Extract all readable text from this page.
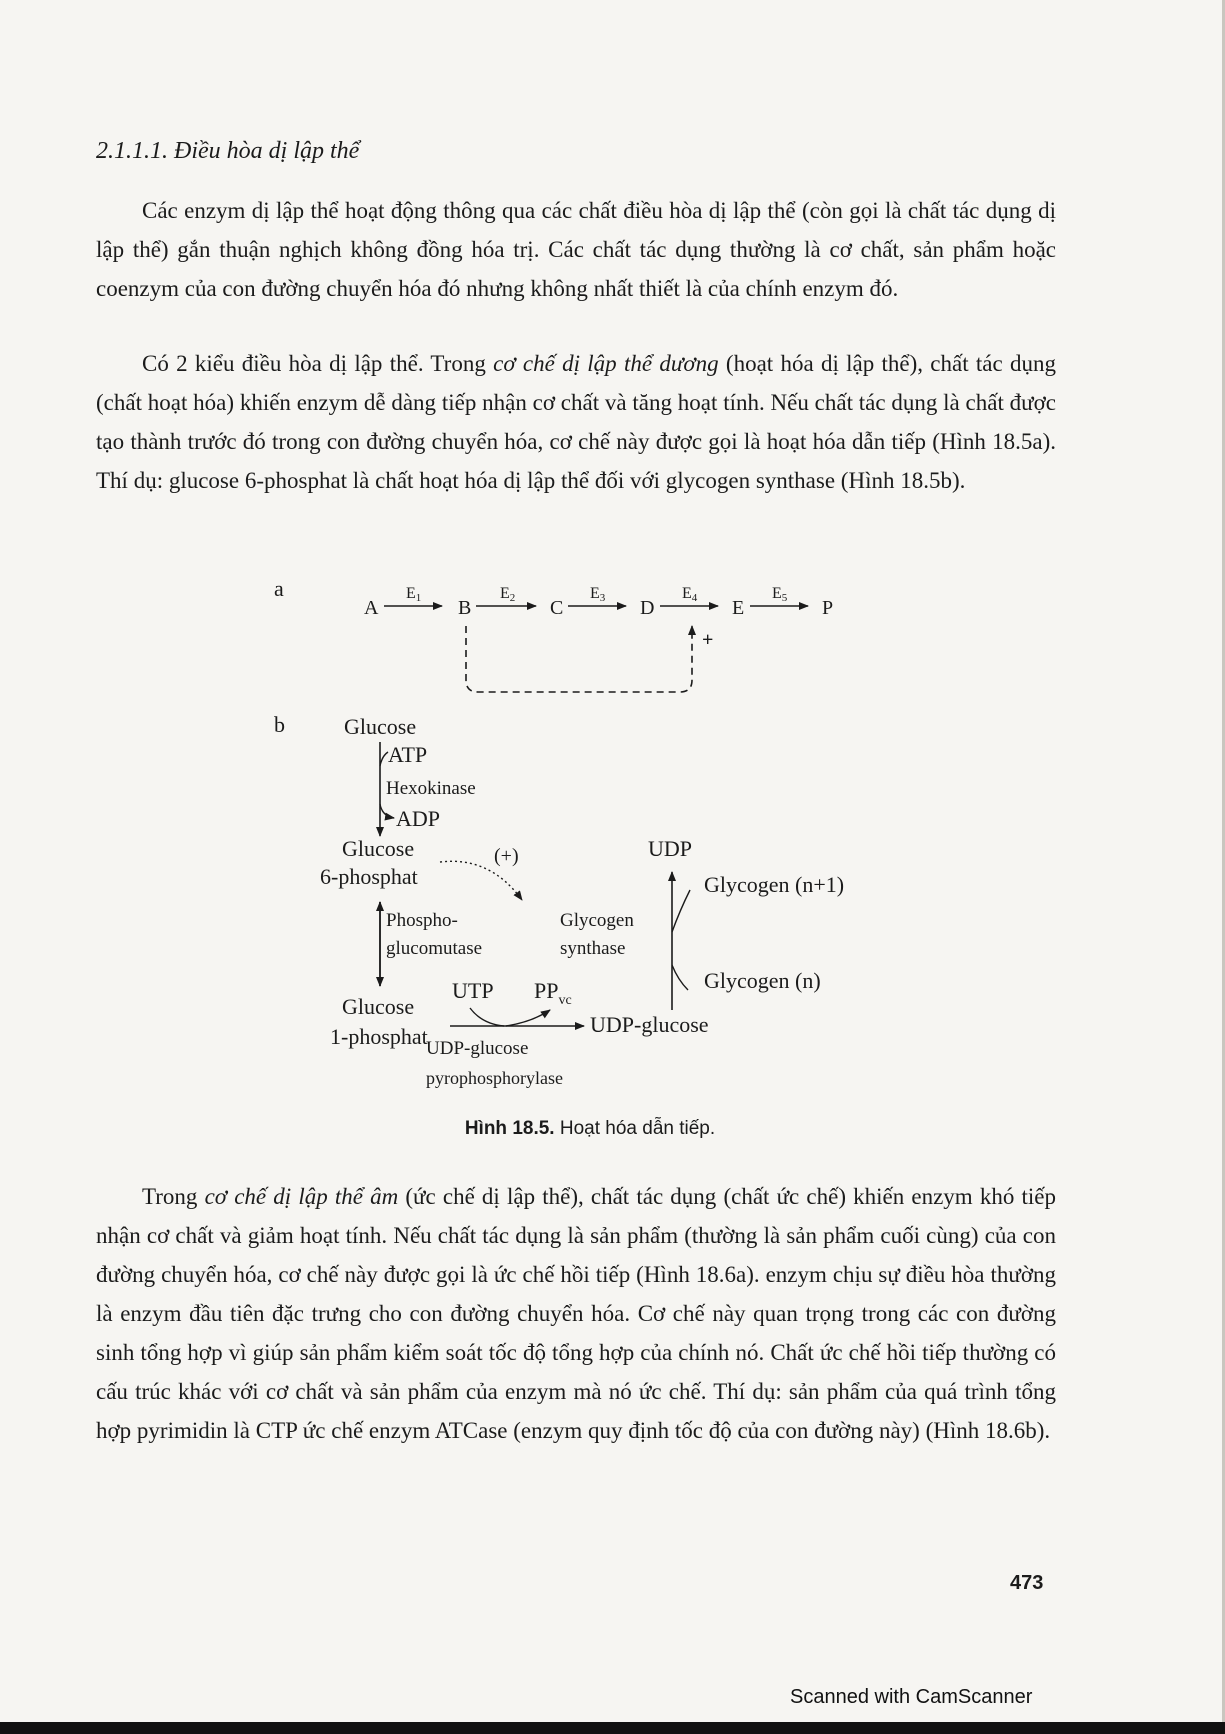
2.1.1.1. Điều hòa dị lập thể

Các enzym dị lập thể hoạt động thông qua các chất điều hòa dị lập thể (còn gọi là chất tác dụng dị lập thể) gắn thuận nghịch không đồng hóa trị. Các chất tác dụng thường là cơ chất, sản phẩm hoặc coenzym của con đường chuyển hóa đó nhưng không nhất thiết là của chính enzym đó.

Có 2 kiểu điều hòa dị lập thể. Trong cơ chế dị lập thể dương (hoạt hóa dị lập thể), chất tác dụng (chất hoạt hóa) khiến enzym dễ dàng tiếp nhận cơ chất và tăng hoạt tính. Nếu chất tác dụng là chất được tạo thành trước đó trong con đường chuyển hóa, cơ chế này được gọi là hoạt hóa dẫn tiếp (Hình 18.5a). Thí dụ: glucose 6-phosphat là chất hoạt hóa dị lập thể đối với glycogen synthase (Hình 18.5b).

a
A	B	C	D	E	P
E1	E2	E3	E4	E5
+
b	Glucose
ATP
Hexokinase
ADP
Glucose
6-phosphat
(+)
Phospho-
glucomutase
Glycogen
synthase
UDP
Glycogen (n+1)
Glycogen (n)
Glucose
1-phosphat
UTP $PP_{vc}$
UDP-glucose
UDP-glucose
pyrophosphorylase
Hình 18.5. Hoạt hóa dẫn tiếp.

Trong cơ chế dị lập thể âm (ức chế dị lập thể), chất tác dụng (chất ức chế) khiến enzym khó tiếp nhận cơ chất và giảm hoạt tính. Nếu chất tác dụng là sản phẩm (thường là sản phẩm cuối cùng) của con đường chuyển hóa, cơ chế này được gọi là ức chế hồi tiếp (Hình 18.6a). enzym chịu sự điều hòa thường là enzym đầu tiên đặc trưng cho con đường chuyển hóa. Cơ chế này quan trọng trong các con đường sinh tổng hợp vì giúp sản phẩm kiểm soát tốc độ tổng hợp của chính nó. Chất ức chế hồi tiếp thường có cấu trúc khác với cơ chất và sản phẩm của enzym mà nó ức chế. Thí dụ: sản phẩm của quá trình tổng hợp pyrimidin là CTP ức chế enzym ATCase (enzym quy định tốc độ của con đường này) (Hình 18.6b).

473
Scanned with CamScanner
